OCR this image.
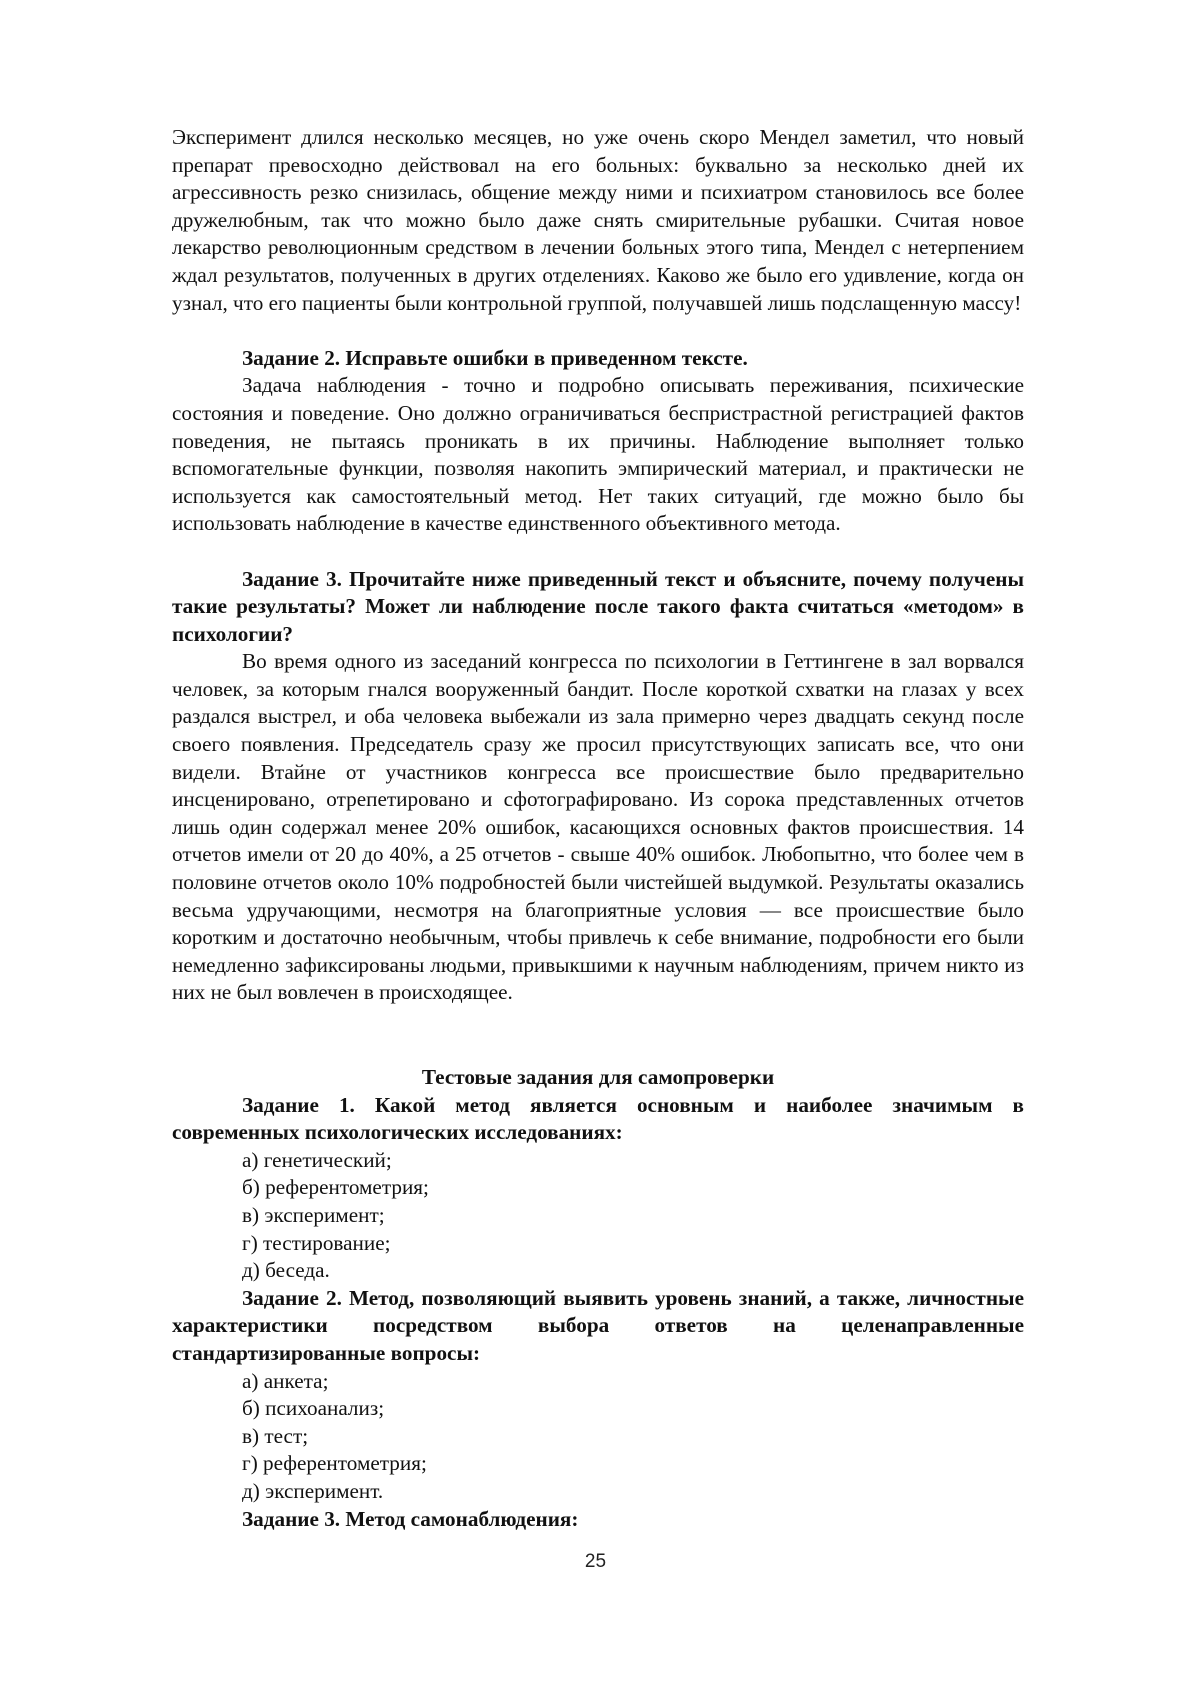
Эксперимент длился несколько месяцев, но уже очень скоро Мендел заметил, что новый препарат превосходно действовал на его больных: буквально за несколько дней их агрессивность резко снизилась, общение между ними и психиатром становилось все более дружелюбным, так что можно было даже снять смирительные рубашки. Считая новое лекарство революционным средством в лечении больных этого типа, Мендел с нетерпением ждал результатов, полученных в других отделениях. Каково же было его удивление, когда он узнал, что его пациенты были контрольной группой, получавшей лишь подслащенную массу!

Задание 2. Исправьте ошибки в приведенном тексте.

Задача наблюдения - точно и подробно описывать переживания, психические состояния и поведение. Оно должно ограничиваться беспристрастной регистрацией фактов поведения, не пытаясь проникать в их причины. Наблюдение выполняет только вспомогательные функции, позволяя накопить эмпирический материал, и практически не используется как самостоятельный метод. Нет таких ситуаций, где можно было бы использовать наблюдение в качестве единственного объективного метода.

Задание 3. Прочитайте ниже приведенный текст и объясните, почему получены такие результаты? Может ли наблюдение после такого факта считаться «методом» в психологии?

Во время одного из заседаний конгресса по психологии в Геттингене в зал ворвался человек, за которым гнался вооруженный бандит. После короткой схватки на глазах у всех раздался выстрел, и оба человека выбежали из зала примерно через двадцать секунд после своего появления. Председатель сразу же просил присутствующих записать все, что они видели. Втайне от участников конгресса все происшествие было предварительно инсценировано, отрепетировано и сфотографировано. Из сорока представленных отчетов лишь один содержал менее 20% ошибок, касающихся основных фактов происшествия. 14 отчетов имели от 20 до 40%, а 25 отчетов - свыше 40% ошибок. Любопытно, что более чем в половине отчетов около 10% подробностей были чистейшей выдумкой. Результаты оказались весьма удручающими, несмотря на благоприятные условия — все происшествие было коротким и достаточно необычным, чтобы привлечь к себе внимание, подробности его были немедленно зафиксированы людьми, привыкшими к научным наблюдениям, причем никто из них не был вовлечен в происходящее.

Тестовые задания для самопроверки

Задание 1. Какой метод является основным и наиболее значимым в современных психологических исследованиях:

а) генетический;

б) референтометрия;

в) эксперимент;

г) тестирование;

д) беседа.

Задание 2. Метод, позволяющий выявить уровень знаний, а также, личностные характеристики посредством выбора ответов на целенаправленные стандартизированные вопросы:

а) анкета;

б) психоанализ;

в) тест;

г) референтометрия;

д) эксперимент.

Задание 3. Метод самонаблюдения:

25
